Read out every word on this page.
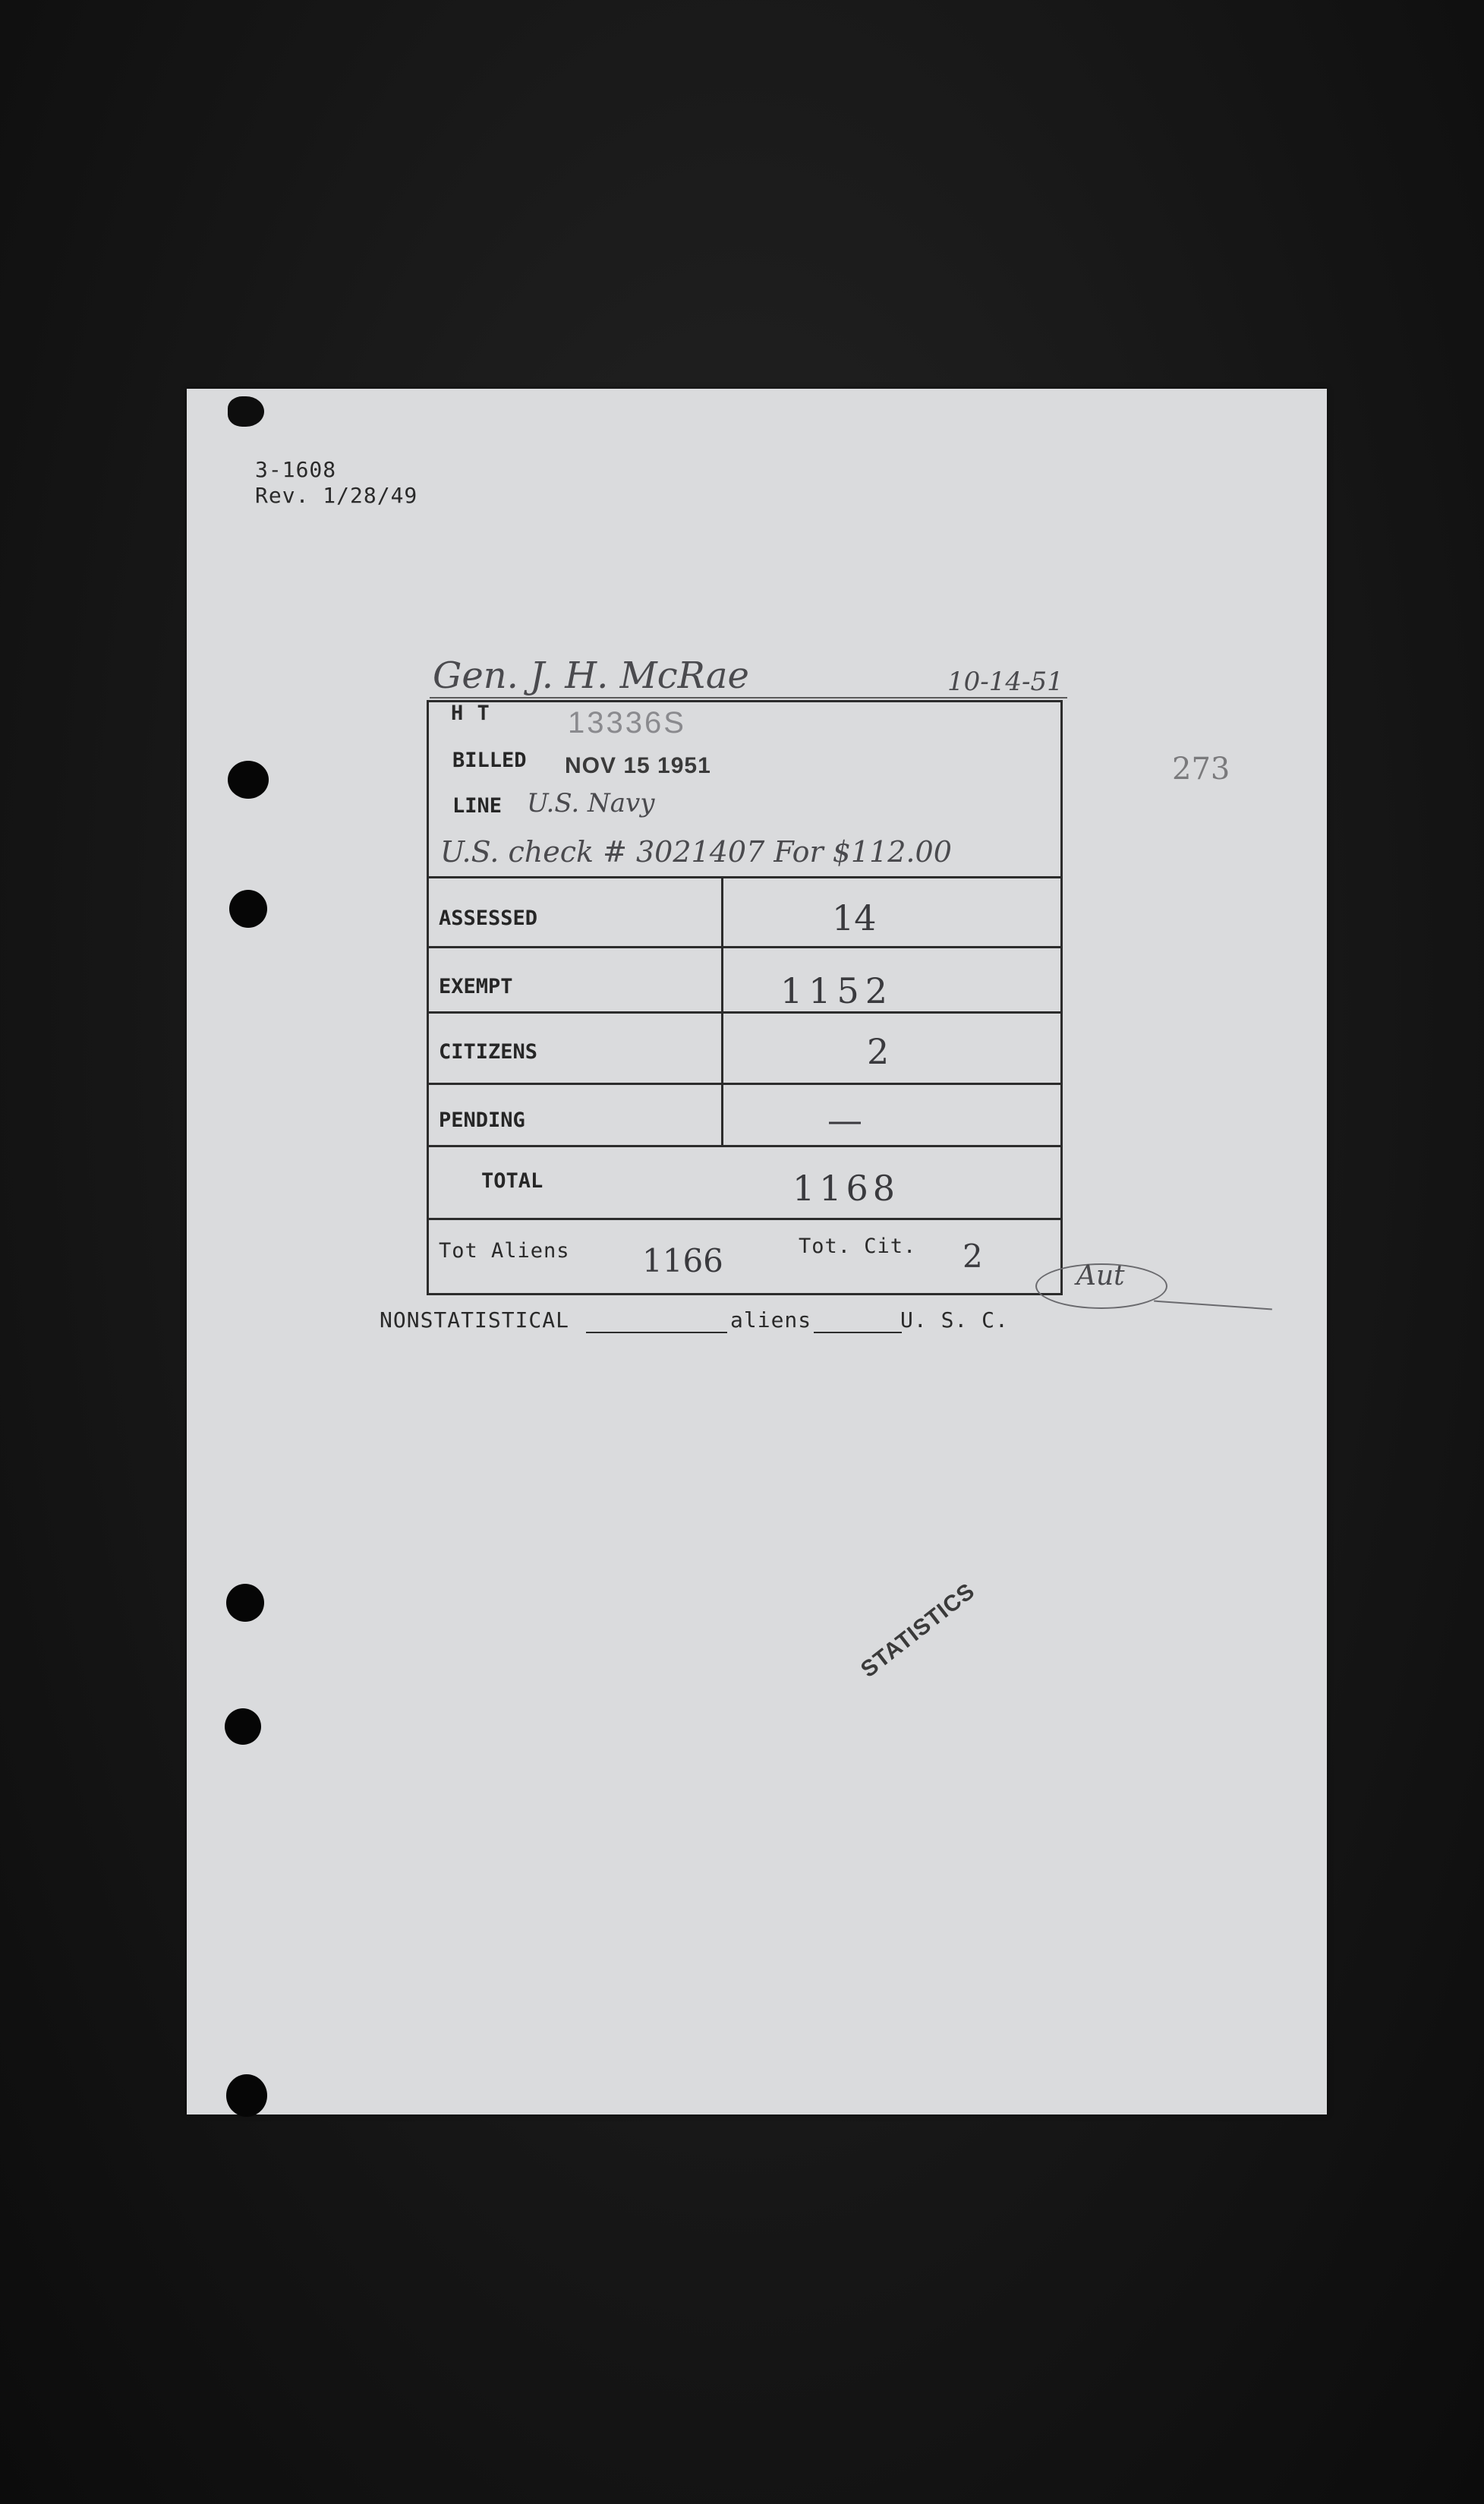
3-1608
Rev. 1/28/49
Gen. J. H. McRae	10-14-51
273
H T	13336S
BILLED NOV 15 1951
LINE U.S. Navy
U.S. check # 3021407 For $112.00
ASSESSED	14
EXEMPT	1152
CITIZENS	2
PENDING	—
TOTAL	1168
Tot Aliens 1166	Tot. Cit. 2
Aut
NONSTATISTICAL	aliens	U. S. C.
STATISTICS
